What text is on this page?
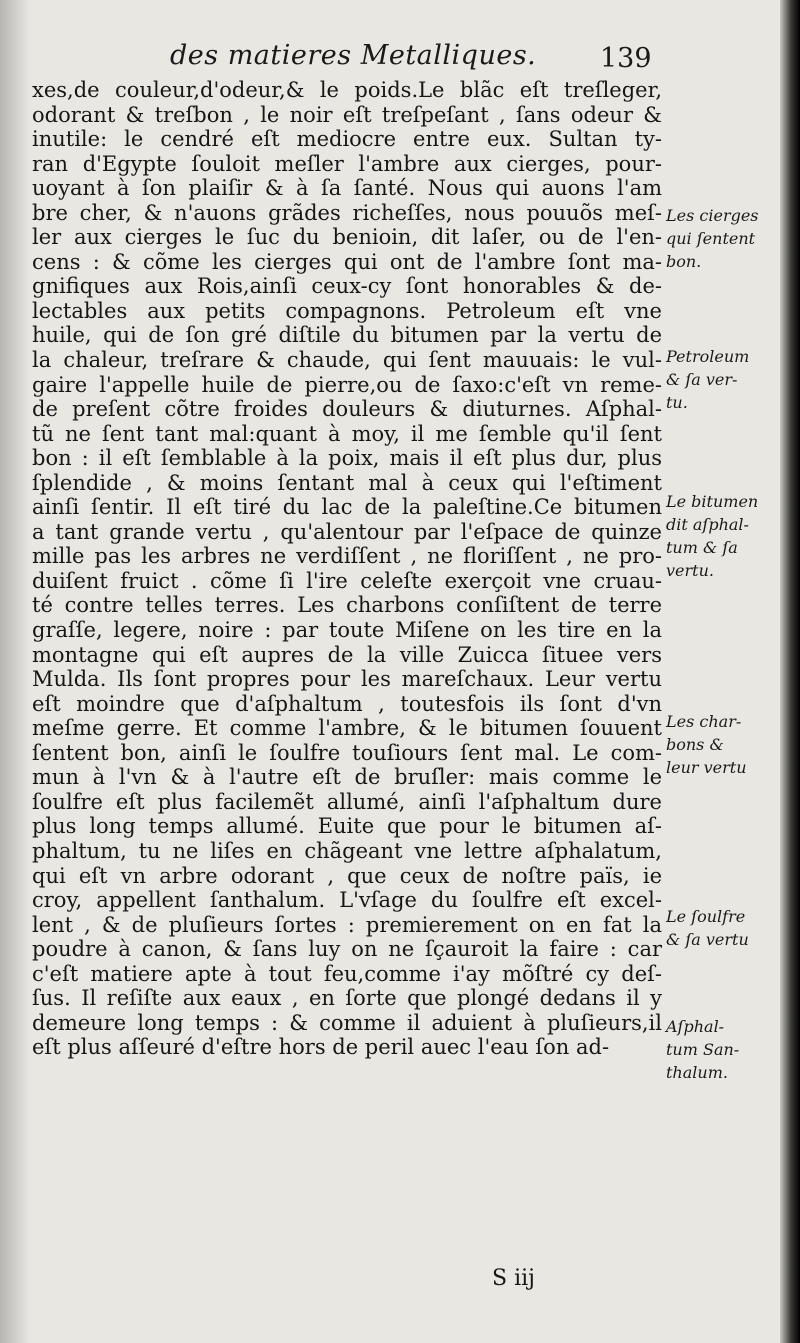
des matieres Metalliques. 139
xes,de couleur,d'odeur,& le poids.Le blãc eſt treſleger,
odorant & treſbon , le noir eſt treſpeſant , ſans odeur &
inutile: le cendré eſt mediocre entre eux. Sultan ty-
ran d'Egypte ſouloit meſler l'ambre aux cierges, pour-
uoyant à ſon plaiſir & à ſa ſanté. Nous qui auons l'am
bre cher, & n'auons grãdes richeſſes, nous pouuõs meſ-
ler aux cierges le ſuc du benioin, dit laſer, ou de l'en-
cens : & cõme les cierges qui ont de l'ambre ſont ma-
gnifiques aux Rois,ainſi ceux-cy ſont honorables & de-
lectables aux petits compagnons. Petroleum eſt vne
huile, qui de ſon gré diſtile du bitumen par la vertu de
la chaleur, treſrare & chaude, qui ſent mauuais: le vul-
gaire l'appelle huile de pierre,ou de ſaxo:c'eſt vn reme-
de preſent cõtre froides douleurs & diuturnes. Aſphal-
tũ ne ſent tant mal:quant à moy, il me ſemble qu'il ſent
bon : il eſt ſemblable à la poix, mais il eſt plus dur, plus
ſplendide , & moins ſentant mal à ceux qui l'eſtiment
ainſi ſentir. Il eſt tiré du lac de la paleſtine.Ce bitumen
a tant grande vertu , qu'alentour par l'eſpace de quinze
mille pas les arbres ne verdiſſent , ne floriſſent , ne pro-
duiſent fruict . cõme ſi l'ire celeſte exerçoit vne cruau-
té contre telles terres. Les charbons conſiſtent de terre
graſſe, legere, noire : par toute Miſene on les tire en la
montagne qui eſt aupres de la ville Zuicca ſituee vers
Mulda. Ils ſont propres pour les mareſchaux. Leur vertu
eſt moindre que d'aſphaltum , toutesfois ils ſont d'vn
meſme gerre. Et comme l'ambre, & le bitumen ſouuent
ſentent bon, ainſi le ſoulfre touſiours ſent mal. Le com-
mun à l'vn & à l'autre eſt de bruſler: mais comme le
ſoulfre eſt plus facilemẽt allumé, ainſi l'aſphaltum dure
plus long temps allumé. Euite que pour le bitumen aſ-
phaltum, tu ne liſes en chãgeant vne lettre aſphalatum,
qui eſt vn arbre odorant , que ceux de noſtre païs, ie
croy, appellent ſanthalum. L'vſage du ſoulfre eſt excel-
lent , & de pluſieurs ſortes : premierement on en fat la
poudre à canon, & ſans luy on ne ſçauroit la faire : car
c'eſt matiere apte à tout feu,comme i'ay mõſtré cy deſ-
ſus. Il reſiſte aux eaux , en ſorte que plongé dedans il y
demeure long temps : & comme il aduient à pluſieurs,il
eſt plus aſſeuré d'eſtre hors de peril auec l'eau ſon ad-
Les cierges
qui ſentent
bon.
Petroleum
& ſa ver-
tu.
Le bitumen
dit aſphal-
tum & ſa
vertu.
Les char-
bons &
leur vertu
Le ſoulfre
& ſa vertu
Aſphal-
tum San-
thalum.
S iij
